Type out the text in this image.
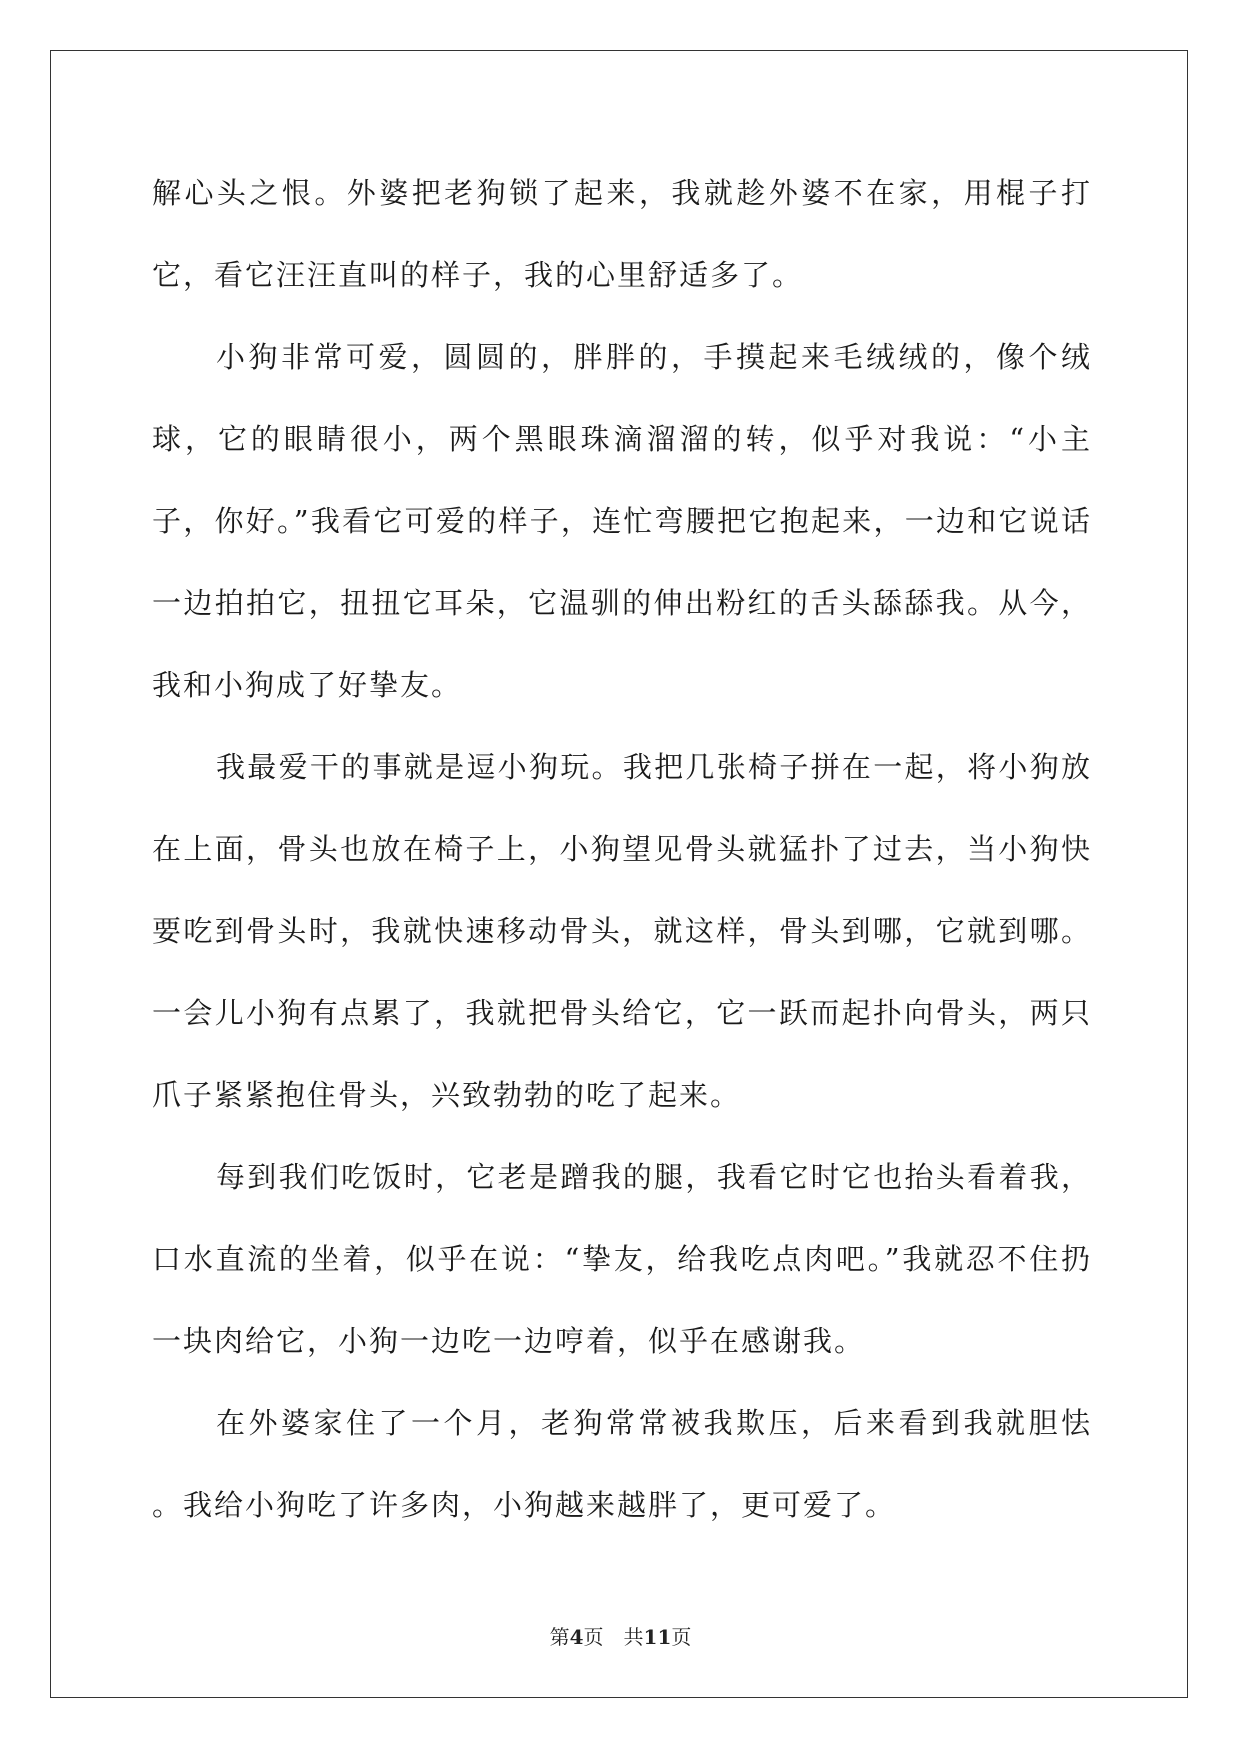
解心头之恨。外婆把老狗锁了起来，我就趁外婆不在家，用棍子打它，看它汪汪直叫的样子，我的心里舒适多了。

小狗非常可爱，圆圆的，胖胖的，手摸起来毛绒绒的，像个绒球，它的眼睛很小，两个黑眼珠滴溜溜的转，似乎对我说：“小主子，你好。”我看它可爱的样子，连忙弯腰把它抱起来，一边和它说话一边拍拍它，扭扭它耳朵，它温驯的伸出粉红的舌头舔舔我。从今，我和小狗成了好挚友。

我最爱干的事就是逗小狗玩。我把几张椅子拼在一起，将小狗放在上面，骨头也放在椅子上，小狗望见骨头就猛扑了过去，当小狗快要吃到骨头时，我就快速移动骨头，就这样，骨头到哪，它就到哪。一会儿小狗有点累了，我就把骨头给它，它一跃而起扑向骨头，两只爪子紧紧抱住骨头，兴致勃勃的吃了起来。

每到我们吃饭时，它老是蹭我的腿，我看它时它也抬头看着我，口水直流的坐着，似乎在说：“挚友，给我吃点肉吧。”我就忍不住扔一块肉给它，小狗一边吃一边哼着，似乎在感谢我。

在外婆家住了一个月，老狗常常被我欺压，后来看到我就胆怯 。我给小狗吃了许多肉，小狗越来越胖了，更可爱了。

第4页 共11页
